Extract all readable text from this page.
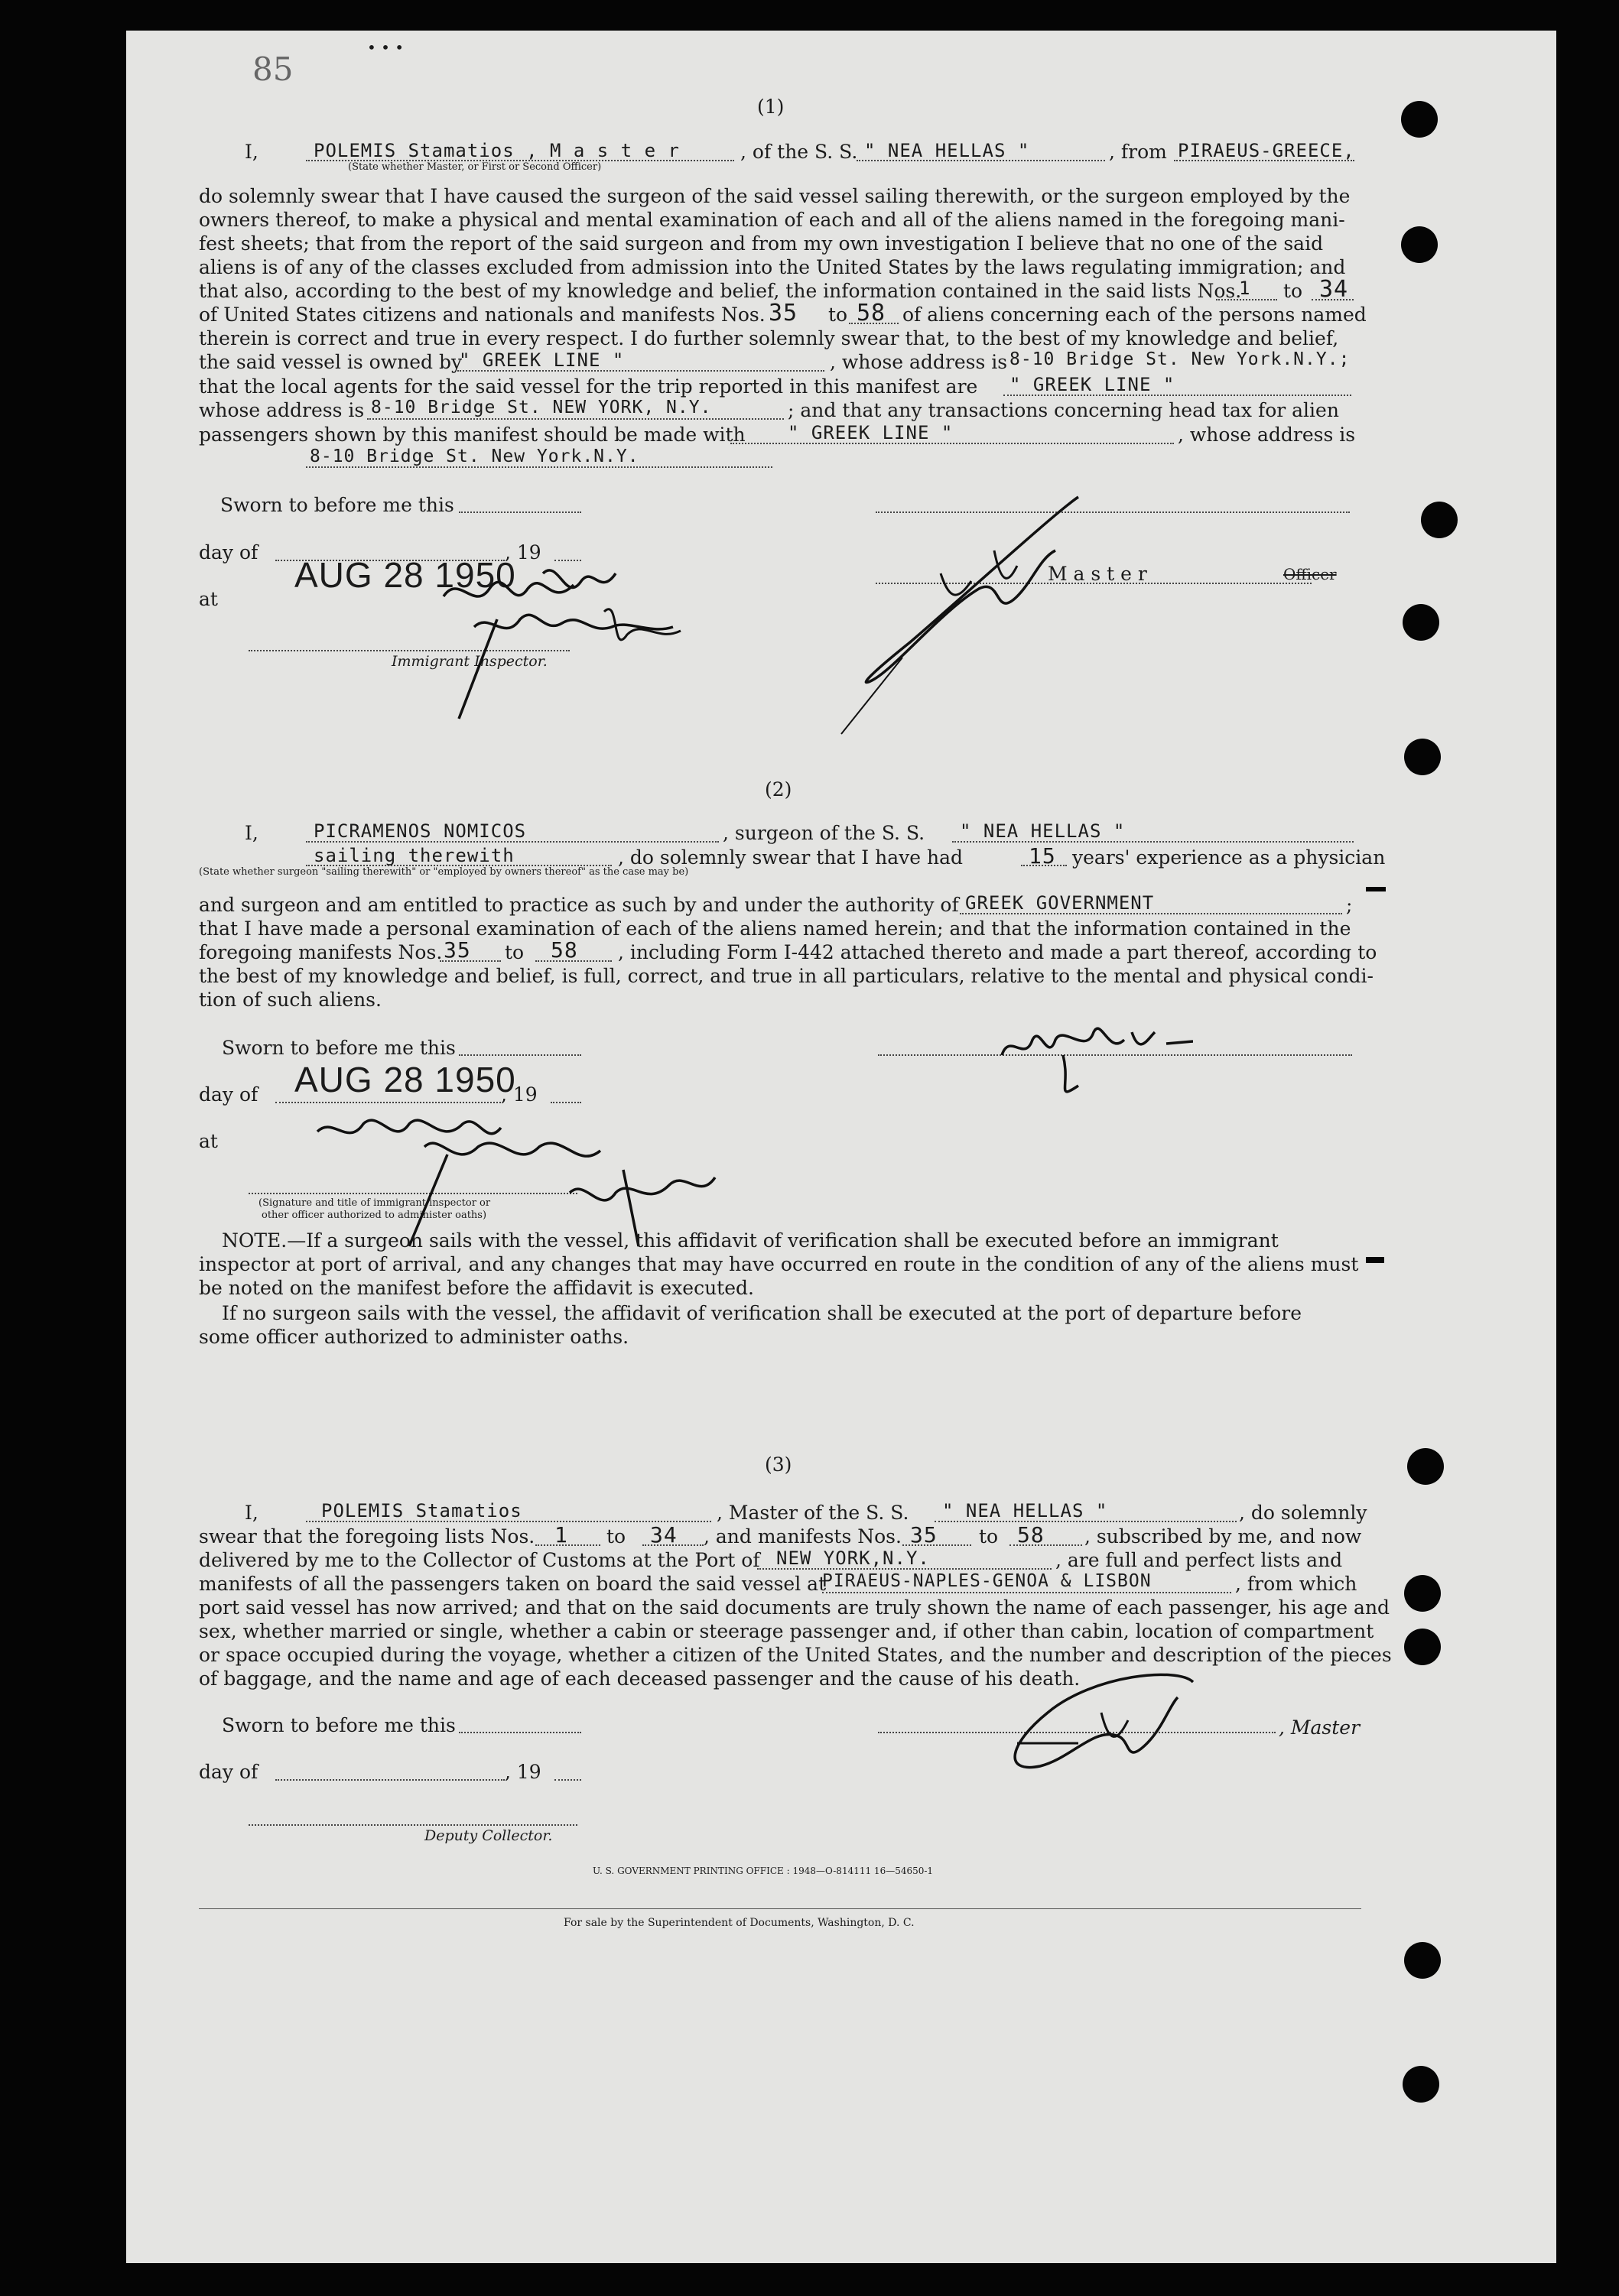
85
• • •
(1)
I,	POLEMIS Stamatios , M a s t e r	, of the S. S. " NEA HELLAS "	, from PIRAEUS-GREECE,
(State whether Master, or First or Second Officer)
do solemnly swear that I have caused the surgeon of the said vessel sailing therewith, or the surgeon employed by the
owners thereof, to make a physical and mental examination of each and all of the aliens named in the foregoing mani-
fest sheets; that from the report of the said surgeon and from my own investigation I believe that no one of the said
aliens is of any of the classes excluded from admission into the United States by the laws regulating immigration; and
that also, according to the best of my knowledge and belief, the information contained in the said lists Nos.
1 to 34
of United States citizens and nationals and manifests Nos. 35 to 58 of aliens concerning each of the persons named
therein is correct and true in every respect. I do further solemnly swear that, to the best of my knowledge and belief,
the said vessel is owned by
" GREEK LINE "	, whose address is 8-10 Bridge St. New York.N.Y.;
that the local agents for the said vessel for the trip reported in this manifest are " GREEK LINE "
whose address is 8-10 Bridge St. NEW YORK, N.Y.	; and that any transactions concerning head tax for alien
passengers shown by this manifest should be made with " GREEK LINE "	, whose address is
8-10 Bridge St. New York.N.Y.
Sworn to before me this
day of
AUG 28 1950
, 19
at
M a s t e r	Officer
Immigrant Inspector.
(2)
I,	PICRAMENOS NOMICOS	, surgeon of the S. S. " NEA HELLAS "
sailing therewith	, do solemnly swear that I have had	15 years' experience as a physician
(State whether surgeon "sailing therewith" or "employed by owners thereof" as the case may be)
and surgeon and am entitled to practice as such by and under the authority of GREEK GOVERNMENT	;
that I have made a personal examination of each of the aliens named herein; and that the information contained in the
foregoing manifests Nos. 35 to 58 , including Form I-442 attached thereto and made a part thereof, according to
the best of my knowledge and belief, is full, correct, and true in all particulars, relative to the mental and physical condi-
tion of such aliens.
Sworn to before me this
day of AUG 28 1950
, 19
at
(Signature and title of immigrant inspector or
other officer authorized to administer oaths)
NOTE.—If a surgeon sails with the vessel, this affidavit of verification shall be executed before an immigrant
inspector at port of arrival, and any changes that may have occurred en route in the condition of any of the aliens must
be noted on the manifest before the affidavit is executed.
If no surgeon sails with the vessel, the affidavit of verification shall be executed at the port of departure before
some officer authorized to administer oaths.
(3)
I,	POLEMIS Stamatios	, Master of the S. S. " NEA HELLAS "	, do solemnly
swear that the foregoing lists Nos. 1 to 34 , and manifests Nos. 35 to 58 , subscribed by me, and now
delivered by me to the Collector of Customs at the Port of NEW YORK,N.Y.	, are full and perfect lists and
manifests of all the passengers taken on board the said vessel at
PIRAEUS-NAPLES-GENOA & LISBON	, from which
port said vessel has now arrived; and that on the said documents are truly shown the name of each passenger, his age and
sex, whether married or single, whether a cabin or steerage passenger and, if other than cabin, location of compartment
or space occupied during the voyage, whether a citizen of the United States, and the number and description of the pieces
of baggage, and the name and age of each deceased passenger and the cause of his death.
Sworn to before me this	, Master
day of	, 19
Deputy Collector.
U. S. GOVERNMENT PRINTING OFFICE : 1948—O-814111 16—54650-1
For sale by the Superintendent of Documents, Washington, D. C.
